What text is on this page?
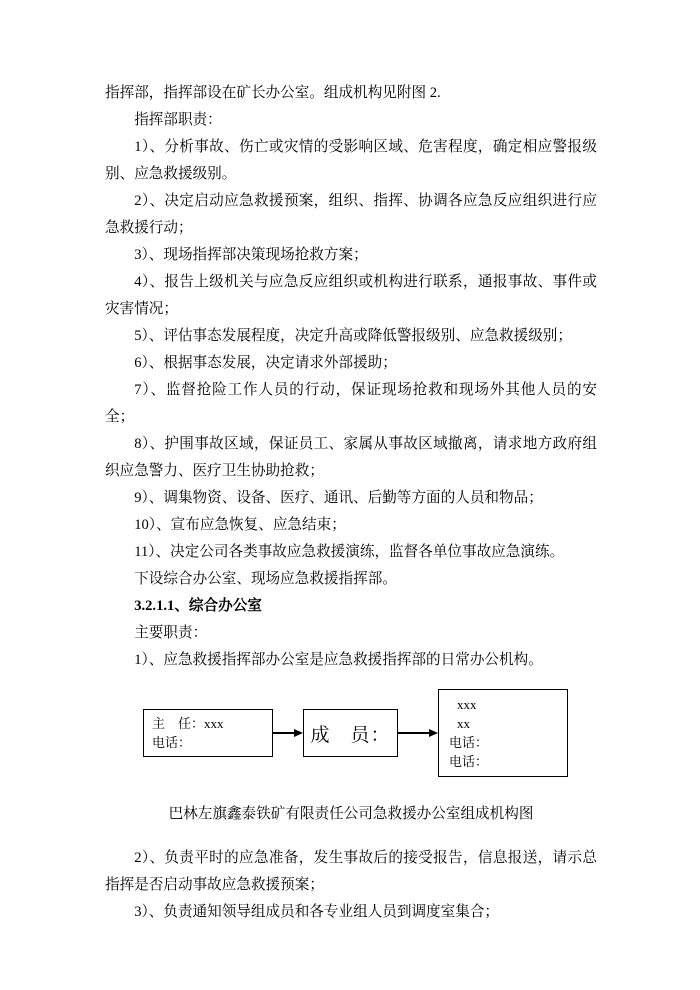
指挥部，指挥部设在矿长办公室。组成机构见附图 2.

指挥部职责：

1）、分析事故、伤亡或灾情的受影响区域、危害程度，确定相应警报级别、应急救援级别。

2）、决定启动应急救援预案，组织、指挥、协调各应急反应组织进行应急救援行动；

3）、现场指挥部决策现场抢救方案；

4）、报告上级机关与应急反应组织或机构进行联系，通报事故、事件或灾害情况；

5）、评估事态发展程度，决定升高或降低警报级别、应急救援级别；

6）、根据事态发展，决定请求外部援助；

7）、监督抢险工作人员的行动，保证现场抢救和现场外其他人员的安全；

8）、护围事故区域，保证员工、家属从事故区域撤离，请求地方政府组织应急警力、医疗卫生协助抢救；

9）、调集物资、设备、医疗、通讯、后勤等方面的人员和物品；

10）、宣布应急恢复、应急结束；

11）、决定公司各类事故应急救援演练，监督各单位事故应急演练。

下设综合办公室、现场应急救援指挥部。

3.2.1.1、综合办公室

主要职责：

1）、应急救援指挥部办公室是应急救援指挥部的日常办公机构。

主　任：xxx
电话：	成　员：
xxx
xx
电话：
电话：

巴林左旗鑫泰铁矿有限责任公司急救援办公室组成机构图

2）、负责平时的应急准备，发生事故后的接受报告，信息报送，请示总指挥是否启动事故应急救援预案；

3）、负责通知领导组成员和各专业组人员到调度室集合；
